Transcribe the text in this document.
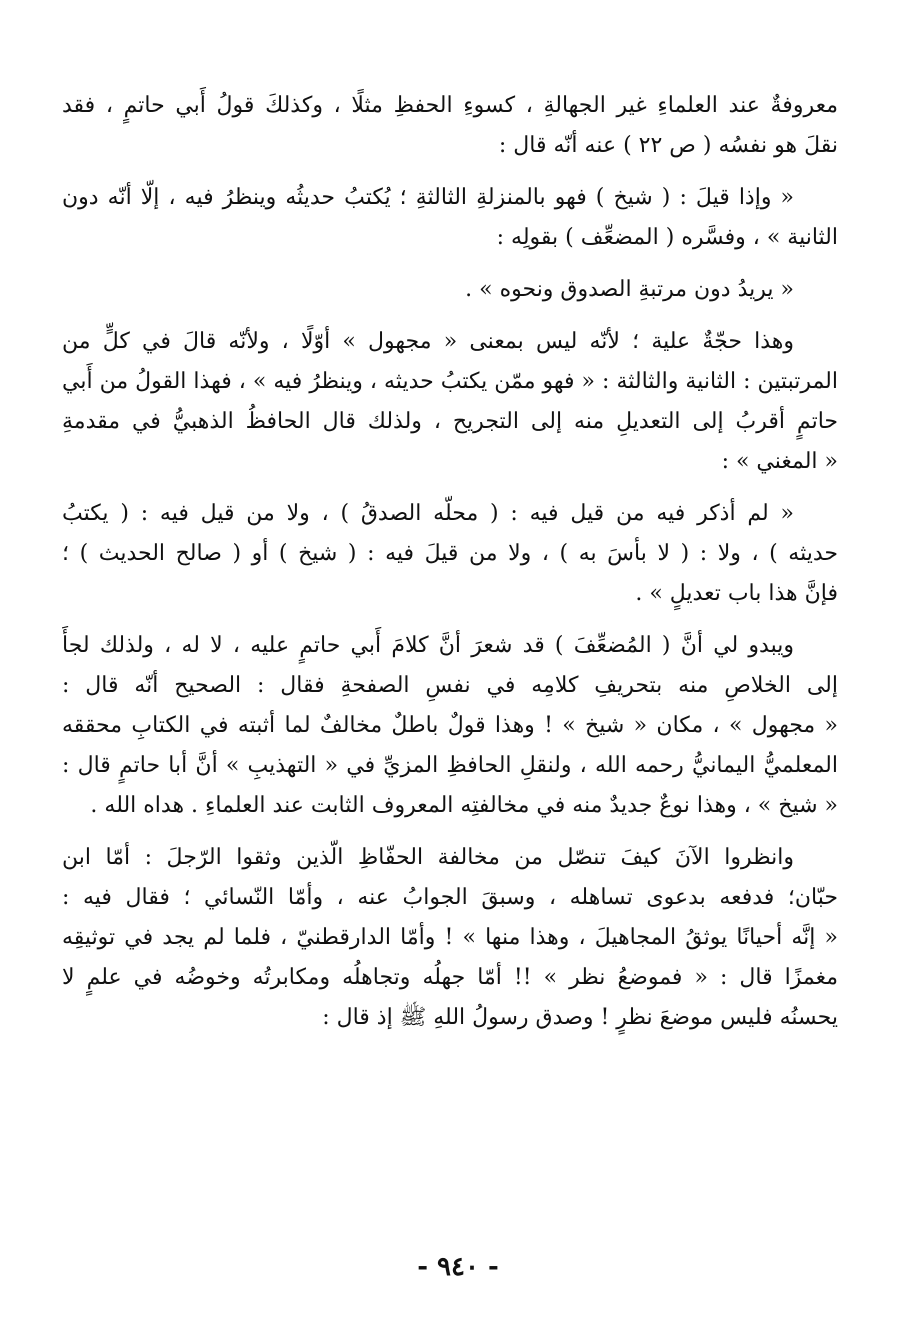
معروفةٌ عند العلماءِ غير الجهالةِ ، كسوءِ الحفظِ مثلًا ، وكذلكَ قولُ أَبي حاتمٍ ، فقد
نقلَ هو نفسُه ( ص ٢٢ ) عنه أنّه قال :
« وإذا قيلَ : ( شيخ ) فهو بالمنزلةِ الثالثةِ ؛ يُكتبُ حديثُه وينظرُ فيه ، إلّا أنّه دون
الثانية » ، وفسَّره ( المضعِّف ) بقولِه :
« يريدُ دون مرتبةِ الصدوق ونحوه » .
وهذا حجّةٌ علية ؛ لأنّه ليس بمعنى « مجهول » أوّلًا ، ولأنّه قالَ في كلٍّ من
المرتبتين : الثانية والثالثة : « فهو ممّن يكتبُ حديثه ، وينظرُ فيه » ، فهذا القولُ من أَبي
حاتمٍ أقربُ إلى التعديلِ منه إلى التجريح ، ولذلك قال الحافظُ الذهبيُّ في مقدمةِ
« المغني » :
« لم أذكر فيه من قيل فيه : ( محلّه الصدقُ ) ، ولا من قيل فيه : ( يكتبُ
حديثه ) ، ولا : ( لا بأسَ به ) ، ولا من قيلَ فيه : ( شيخ ) أو ( صالح الحديث ) ؛
فإنَّ هذا باب تعديلٍ » .
ويبدو لي أنَّ ( المُضعِّفَ ) قد شعرَ أنَّ كلامَ أَبي حاتمٍ عليه ، لا له ، ولذلك لجأَ
إلى الخلاصِ منه بتحريفِ كلامِه في نفسِ الصفحةِ فقال : الصحيح أنّه قال :
« مجهول » ، مكان « شيخ » ! وهذا قولٌ باطلٌ مخالفٌ لما أثبته في الكتابِ محققه
المعلميُّ اليمانيُّ رحمه الله ، ولنقلِ الحافظِ المزيِّ في « التهذيبِ » أنَّ أبا حاتمٍ قال :
« شيخ » ، وهذا نوعٌ جديدٌ منه في مخالفتِه المعروف الثابت عند العلماءِ . هداه الله .
وانظروا الآنَ كيفَ تنصّل من مخالفة الحفّاظِ الّذين وثقوا الرّجلَ : أمّا ابن
حبّان؛ فدفعه بدعوى تساهله ، وسبقَ الجوابُ عنه ، وأمّا النّسائي ؛ فقال فيه :
« إنَّه أحيانًا يوثقُ المجاهيلَ ، وهذا منها » ! وأمّا الدارقطنيّ ، فلما لم يجد في توثيقِه
مغمزًا قال : « فموضعُ نظر » !! أمّا جهلُه وتجاهلُه ومكابرتُه وخوضُه في علمٍ لا
يحسنُه فليس موضعَ نظرٍ ! وصدق رسولُ اللهِ ﷺ إذ قال :
- ٩٤٠ -
